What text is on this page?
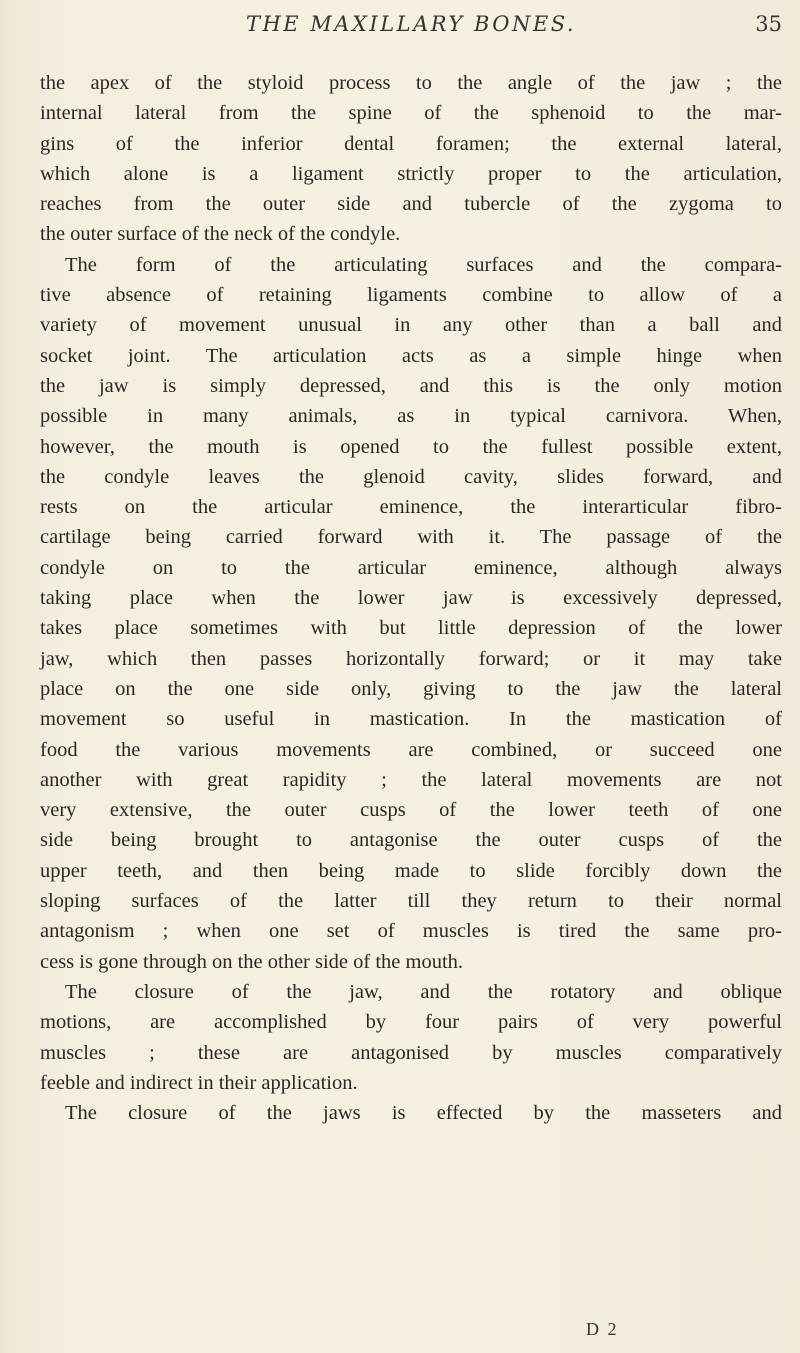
THE MAXILLARY BONES.	35
the apex of the styloid process to the angle of the jaw ; the
internal lateral from the spine of the sphenoid to the mar-
gins of the inferior dental foramen; the external lateral,
which alone is a ligament strictly proper to the articulation,
reaches from the outer side and tubercle of the zygoma to
the outer surface of the neck of the condyle.
The form of the articulating surfaces and the compara-
tive absence of retaining ligaments combine to allow of a
variety of movement unusual in any other than a ball and
socket joint. The articulation acts as a simple hinge when
the jaw is simply depressed, and this is the only motion
possible in many animals, as in typical carnivora. When,
however, the mouth is opened to the fullest possible extent,
the condyle leaves the glenoid cavity, slides forward, and
rests on the articular eminence, the interarticular fibro-
cartilage being carried forward with it. The passage of the
condyle on to the articular eminence, although always
taking place when the lower jaw is excessively depressed,
takes place sometimes with but little depression of the lower
jaw, which then passes horizontally forward; or it may take
place on the one side only, giving to the jaw the lateral
movement so useful in mastication. In the mastication of
food the various movements are combined, or succeed one
another with great rapidity ; the lateral movements are not
very extensive, the outer cusps of the lower teeth of one
side being brought to antagonise the outer cusps of the
upper teeth, and then being made to slide forcibly down the
sloping surfaces of the latter till they return to their normal
antagonism ; when one set of muscles is tired the same pro-
cess is gone through on the other side of the mouth.
The closure of the jaw, and the rotatory and oblique
motions, are accomplished by four pairs of very powerful
muscles ; these are antagonised by muscles comparatively
feeble and indirect in their application.
The closure of the jaws is effected by the masseters and
D 2
